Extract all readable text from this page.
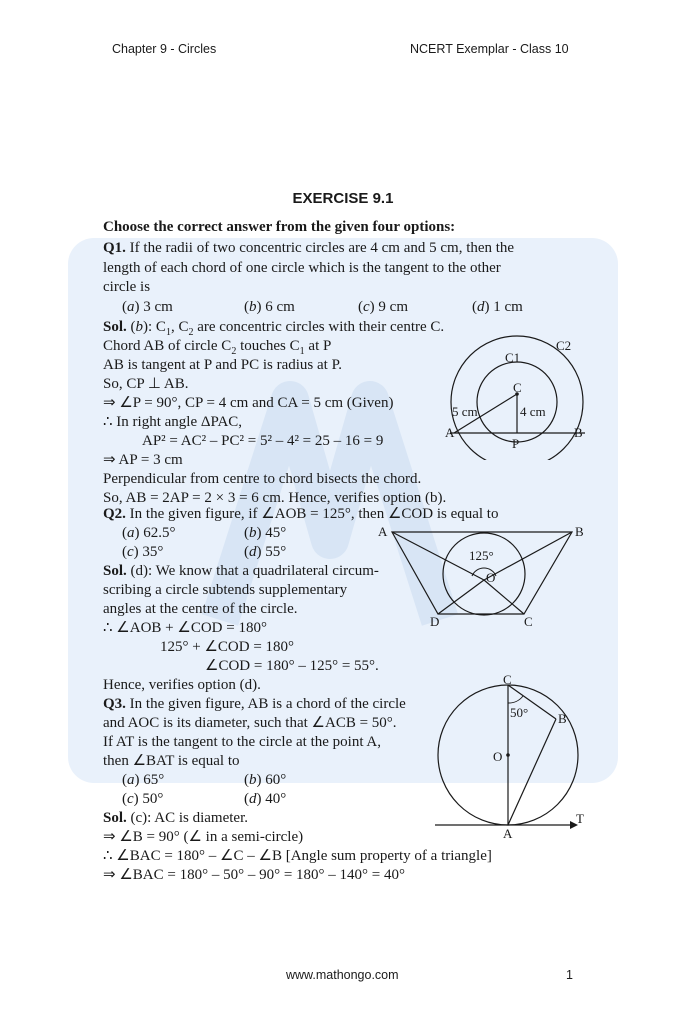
Chapter 9 - Circles	NCERT Exemplar - Class 10
EXERCISE 9.1
Choose the correct answer from the given four options:
Q1. If the radii of two concentric circles are 4 cm and 5 cm, then the
length of each chord of one circle which is the tangent to the other
circle is
(a) 3 cm	(b) 6 cm	(c) 9 cm	(d) 1 cm
Sol. (b): $C_1$, $C_2$ are concentric circles with their centre C.
Chord AB of circle $C_2$ touches $C_1$ at P
AB is tangent at P and PC is radius at P.
So, CP ⊥ AB.
⇒ ∠P = 90°, CP = 4 cm and CA = 5 cm (Given)
∴ In right angle ΔPAC,
AP² = AC² – PC² = 5² – 4² = 25 – 16 = 9
⇒ AP = 3 cm
Perpendicular from centre to chord bisects the chord.
So, AB = 2AP = 2 × 3 = 6 cm. Hence, verifies option (b).
C1
C2
C
A	B
P
5 cm	4 cm
Q2. In the given figure, if ∠AOB = 125°, then ∠COD is equal to
(a) 62.5°	(b) 45°
(c) 35°	(d) 55°
Sol. (d): We know that a quadrilateral circum-
scribing a circle subtends supplementary
angles at the centre of the circle.
∴ ∠AOB + ∠COD = 180°
125° + ∠COD = 180°
∠COD = 180° – 125° = 55°.
Hence, verifies option (d).
A	B
C
D
O
125°
Q3. In the given figure, AB is a chord of the circle
and AOC is its diameter, such that ∠ACB = 50°.
If AT is the tangent to the circle at the point A,
then ∠BAT is equal to
(a) 65°	(b) 60°
(c) 50°	(d) 40°
Sol. (c): AC is diameter.
⇒ ∠B = 90° (∠ in a semi-circle)
∴ ∠BAC = 180° – ∠C – ∠B [Angle sum property of a triangle]
⇒ ∠BAC = 180° – 50° – 90° = 180° – 140° = 40°
C
B
O
A
T
50°
www.mathongo.com	1
